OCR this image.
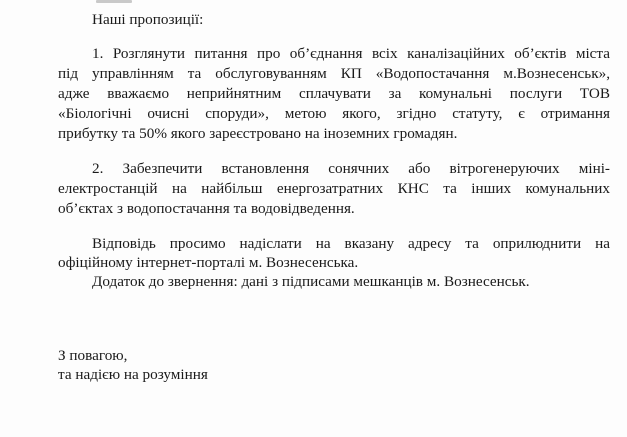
Наші пропозиції:
1. Розглянути питання про об’єднання всіх каналізаційних об’єктів міста
під управлінням та обслуговуванням КП «Водопостачання м.Вознесенськ»,
адже вважаємо неприйнятним сплачувати за комунальні послуги ТОВ
«Біологічні очисні споруди», метою якого, згідно статуту, є отримання
прибутку та 50% якого зареєстровано на іноземних громадян.
2. Забезпечити встановлення сонячних або вітрогенеруючих міні-
електростанцій на найбільш енергозатратних КНС та інших комунальних
об’єктах з водопостачання та водовідведення.
Відповідь просимо надіслати на вказану адресу та оприлюднити на
офіційному інтернет-порталі м. Вознесенська.
Додаток до звернення: дані з підписами мешканців м. Вознесенськ.
З повагою,
та надією на розуміння
